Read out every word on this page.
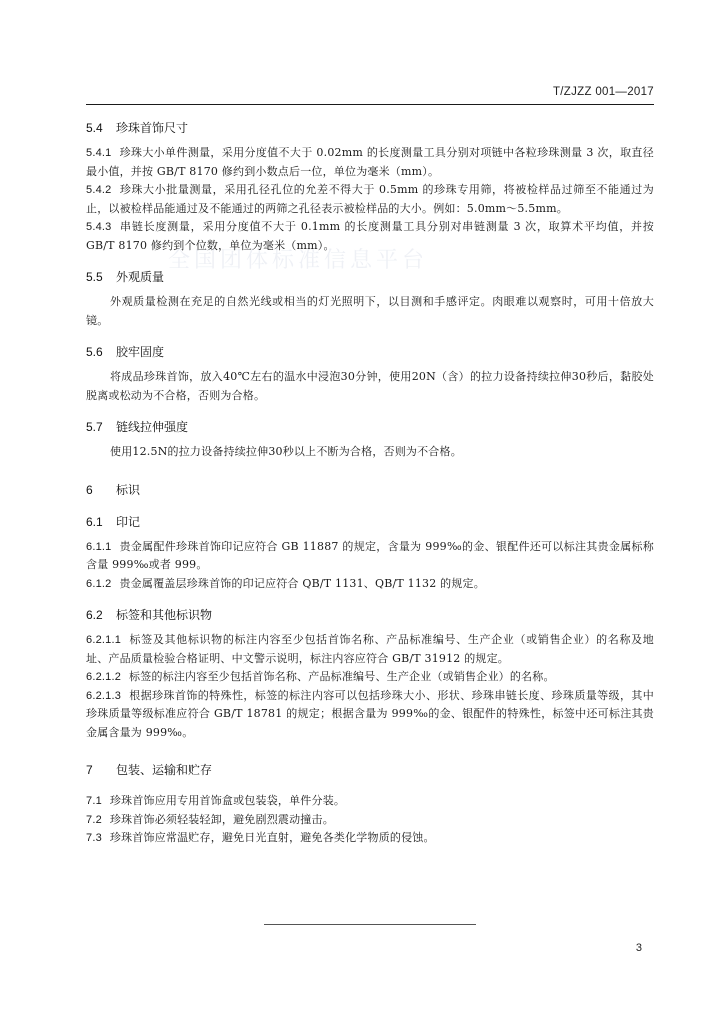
T/ZJZZ 001—2017
全国团体标准信息平台

5.4 珍珠首饰尺寸

5.4.1 珍珠大小单件测量，采用分度值不大于 0.02mm 的长度测量工具分别对项链中各粒珍珠测量 3 次，取直径最小值，并按 GB/T 8170 修约到小数点后一位，单位为毫米（mm）。

5.4.2 珍珠大小批量测量，采用孔径孔位的允差不得大于 0.5mm 的珍珠专用筛，将被检样品过筛至不能通过为止，以被检样品能通过及不能通过的两筛之孔径表示被检样品的大小。例如：5.0mm～5.5mm。

5.4.3 串链长度测量，采用分度值不大于 0.1mm 的长度测量工具分别对串链测量 3 次，取算术平均值，并按 GB/T 8170 修约到个位数，单位为毫米（mm）。

5.5 外观质量

外观质量检测在充足的自然光线或相当的灯光照明下，以目测和手感评定。肉眼难以观察时，可用十倍放大镜。

5.6 胶牢固度

将成品珍珠首饰，放入40℃左右的温水中浸泡30分钟，使用20N（含）的拉力设备持续拉伸30秒后，黏胶处脱离或松动为不合格，否则为合格。

5.7 链线拉伸强度

使用12.5N的拉力设备持续拉伸30秒以上不断为合格，否则为不合格。

6 标识

6.1 印记

6.1.1 贵金属配件珍珠首饰印记应符合 GB 11887 的规定，含量为 999‰的金、银配件还可以标注其贵金属标称含量 999‰或者 999。

6.1.2 贵金属覆盖层珍珠首饰的印记应符合 QB/T 1131、QB/T 1132 的规定。

6.2 标签和其他标识物

6.2.1.1 标签及其他标识物的标注内容至少包括首饰名称、产品标准编号、生产企业（或销售企业）的名称及地址、产品质量检验合格证明、中文警示说明，标注内容应符合 GB/T 31912 的规定。

6.2.1.2 标签的标注内容至少包括首饰名称、产品标准编号、生产企业（或销售企业）的名称。

6.2.1.3 根据珍珠首饰的特殊性，标签的标注内容可以包括珍珠大小、形状、珍珠串链长度、珍珠质量等级，其中珍珠质量等级标准应符合 GB/T 18781 的规定；根据含量为 999‰的金、银配件的特殊性，标签中还可标注其贵金属含量为 999‰。

7 包装、运输和贮存

7.1 珍珠首饰应用专用首饰盒或包装袋，单件分装。

7.2 珍珠首饰必须轻装轻卸，避免剧烈震动撞击。

7.3 珍珠首饰应常温贮存，避免日光直射，避免各类化学物质的侵蚀。

3
